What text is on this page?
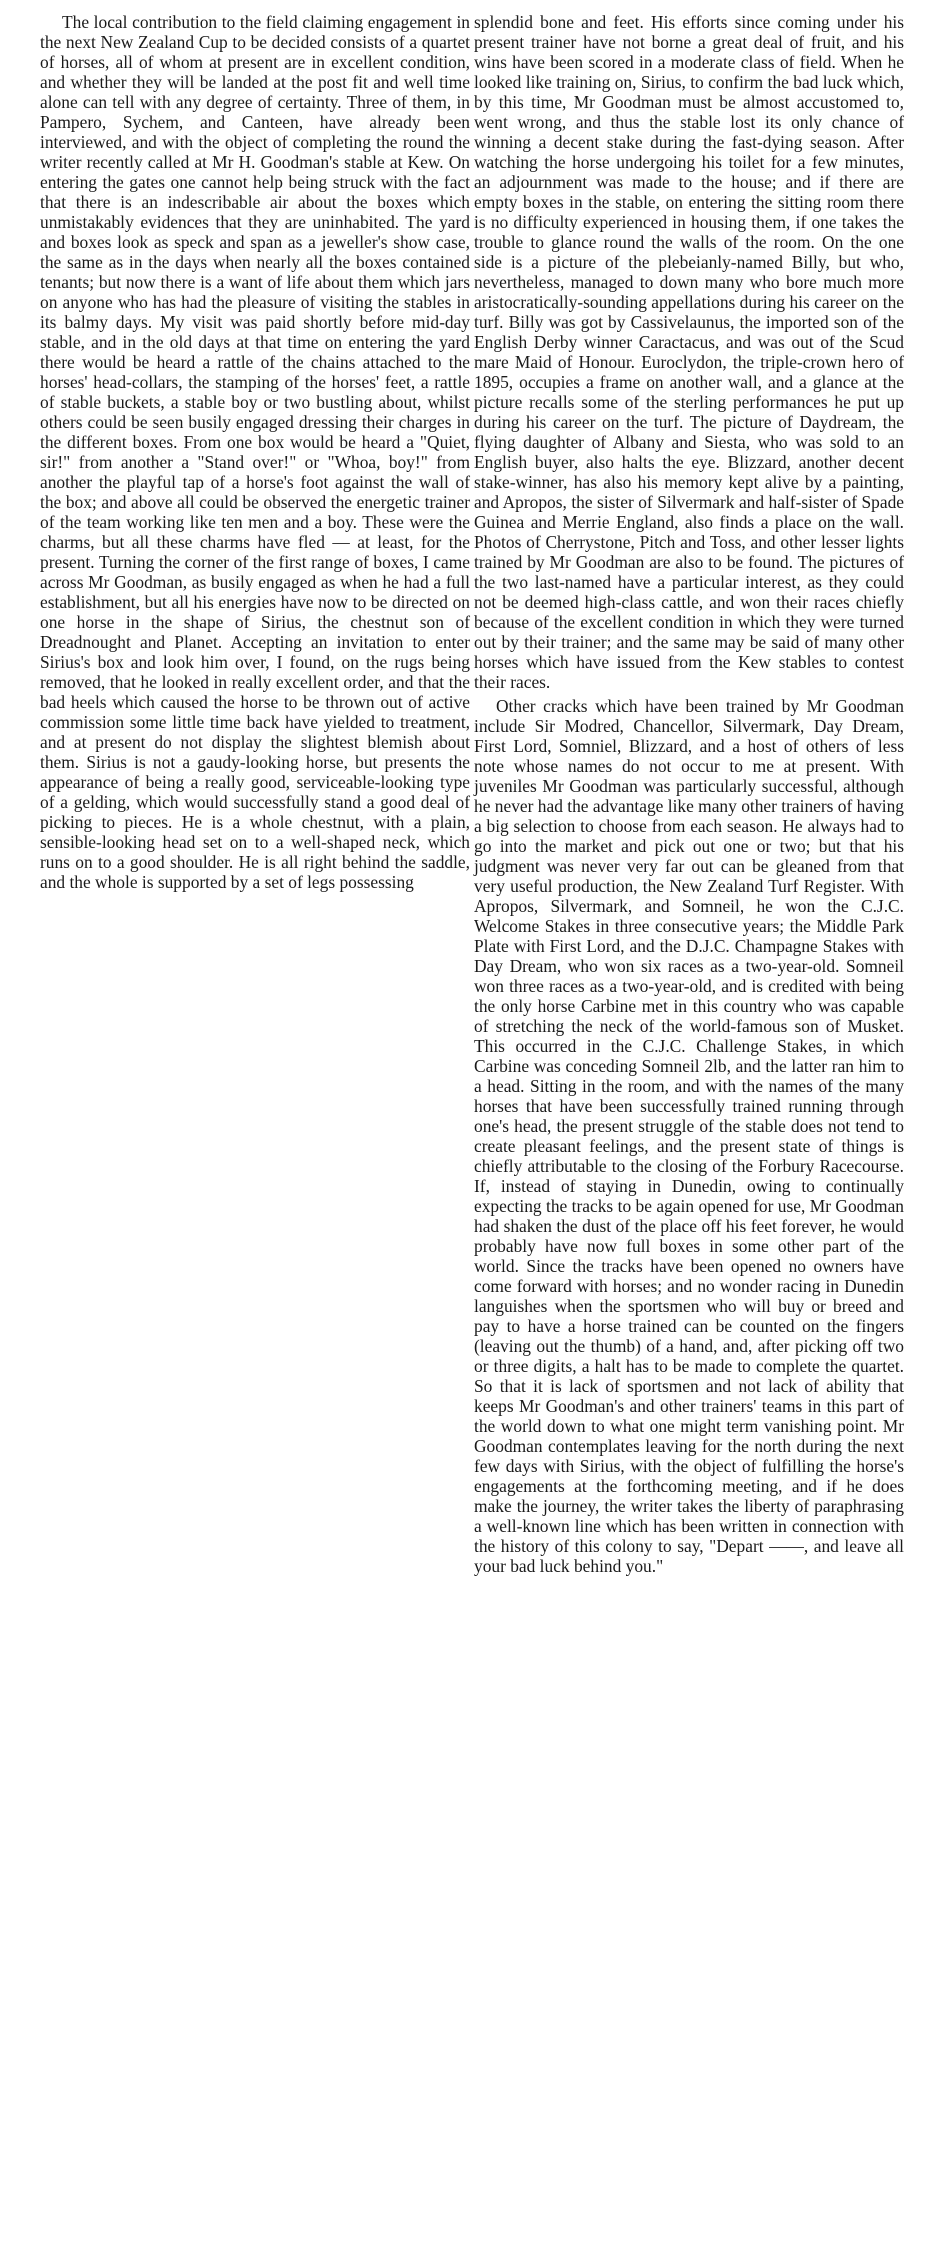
The local contribution to the field claiming engagement in the next New Zealand Cup to be decided consists of a quartet of horses, all of whom at present are in excellent condition, and whether they will be landed at the post fit and well time alone can tell with any degree of certainty. Three of them, in Pampero, Sychem, and Canteen, have already been interviewed, and with the object of completing the round the writer recently called at Mr H. Goodman's stable at Kew. On entering the gates one cannot help being struck with the fact that there is an indescribable air about the boxes which unmistakably evidences that they are uninhabited. The yard and boxes look as speck and span as a jeweller's show case, the same as in the days when nearly all the boxes contained tenants; but now there is a want of life about them which jars on anyone who has had the pleasure of visiting the stables in its balmy days. My visit was paid shortly before mid-day stable, and in the old days at that time on entering the yard there would be heard a rattle of the chains attached to the horses' head-collars, the stamping of the horses' feet, a rattle of stable buckets, a stable boy or two bustling about, whilst others could be seen busily engaged dressing their charges in the different boxes. From one box would be heard a "Quiet, sir!" from another a "Stand over!" or "Whoa, boy!" from another the playful tap of a horse's foot against the wall of the box; and above all could be observed the energetic trainer of the team working like ten men and a boy. These were the charms, but all these charms have fled — at least, for the present. Turning the corner of the first range of boxes, I came across Mr Goodman, as busily engaged as when he had a full establishment, but all his energies have now to be directed on one horse in the shape of Sirius, the chestnut son of Dreadnought and Planet. Accepting an invitation to enter Sirius's box and look him over, I found, on the rugs being removed, that he looked in really excellent order, and that the bad heels which caused the horse to be thrown out of active commission some little time back have yielded to treatment, and at present do not display the slightest blemish about them. Sirius is not a gaudy-looking horse, but presents the appearance of being a really good, serviceable-looking type of a gelding, which would successfully stand a good deal of picking to pieces. He is a whole chestnut, with a plain, sensible-looking head set on to a well-shaped neck, which runs on to a good shoulder. He is all right behind the saddle, and the whole is supported by a set of legs possessing

splendid bone and feet. His efforts since coming under his present trainer have not borne a great deal of fruit, and his wins have been scored in a moderate class of field. When he looked like training on, Sirius, to confirm the bad luck which, by this time, Mr Goodman must be almost accustomed to, went wrong, and thus the stable lost its only chance of winning a decent stake during the fast-dying season. After watching the horse undergoing his toilet for a few minutes, an adjournment was made to the house; and if there are empty boxes in the stable, on entering the sitting room there is no difficulty experienced in housing them, if one takes the trouble to glance round the walls of the room. On the one side is a picture of the plebeianly-named Billy, but who, nevertheless, managed to down many who bore much more aristocratically-sounding appellations during his career on the turf. Billy was got by Cassivelaunus, the imported son of the English Derby winner Caractacus, and was out of the Scud mare Maid of Honour. Euroclydon, the triple-crown hero of 1895, occupies a frame on another wall, and a glance at the picture recalls some of the sterling performances he put up during his career on the turf. The picture of Daydream, the flying daughter of Albany and Siesta, who was sold to an English buyer, also halts the eye. Blizzard, another decent stake-winner, has also his memory kept alive by a painting, and Apropos, the sister of Silvermark and half-sister of Spade Guinea and Merrie England, also finds a place on the wall. Photos of Cherrystone, Pitch and Toss, and other lesser lights trained by Mr Goodman are also to be found. The pictures of the two last-named have a particular interest, as they could not be deemed high-class cattle, and won their races chiefly because of the excellent condition in which they were turned out by their trainer; and the same may be said of many other horses which have issued from the Kew stables to contest their races.

Other cracks which have been trained by Mr Goodman include Sir Modred, Chancellor, Silvermark, Day Dream, First Lord, Somniel, Blizzard, and a host of others of less note whose names do not occur to me at present. With juveniles Mr Goodman was particularly successful, although he never had the advantage like many other trainers of having a big selection to choose from each season. He always had to go into the market and pick out one or two; but that his judgment was never very far out can be gleaned from that very useful production, the New Zealand Turf Register. With Apropos, Silvermark, and Somneil, he won the C.J.C. Welcome Stakes in three consecutive years; the Middle Park Plate with First Lord, and the D.J.C. Champagne Stakes with Day Dream, who won six races as a two-year-old. Somneil won three races as a two-year-old, and is credited with being the only horse Carbine met in this country who was capable of stretching the neck of the world-famous son of Musket. This occurred in the C.J.C. Challenge Stakes, in which Carbine was conceding Somneil 2lb, and the latter ran him to a head. Sitting in the room, and with the names of the many horses that have been successfully trained running through one's head, the present struggle of the stable does not tend to create pleasant feelings, and the present state of things is chiefly attributable to the closing of the Forbury Racecourse. If, instead of staying in Dunedin, owing to continually expecting the tracks to be again opened for use, Mr Goodman had shaken the dust of the place off his feet forever, he would probably have now full boxes in some other part of the world. Since the tracks have been opened no owners have come forward with horses; and no wonder racing in Dunedin languishes when the sportsmen who will buy or breed and pay to have a horse trained can be counted on the fingers (leaving out the thumb) of a hand, and, after picking off two or three digits, a halt has to be made to complete the quartet. So that it is lack of sportsmen and not lack of ability that keeps Mr Goodman's and other trainers' teams in this part of the world down to what one might term vanishing point. Mr Goodman contemplates leaving for the north during the next few days with Sirius, with the object of fulfilling the horse's engagements at the forthcoming meeting, and if he does make the journey, the writer takes the liberty of paraphrasing a well-known line which has been written in connection with the history of this colony to say, "Depart ——, and leave all your bad luck behind you."
